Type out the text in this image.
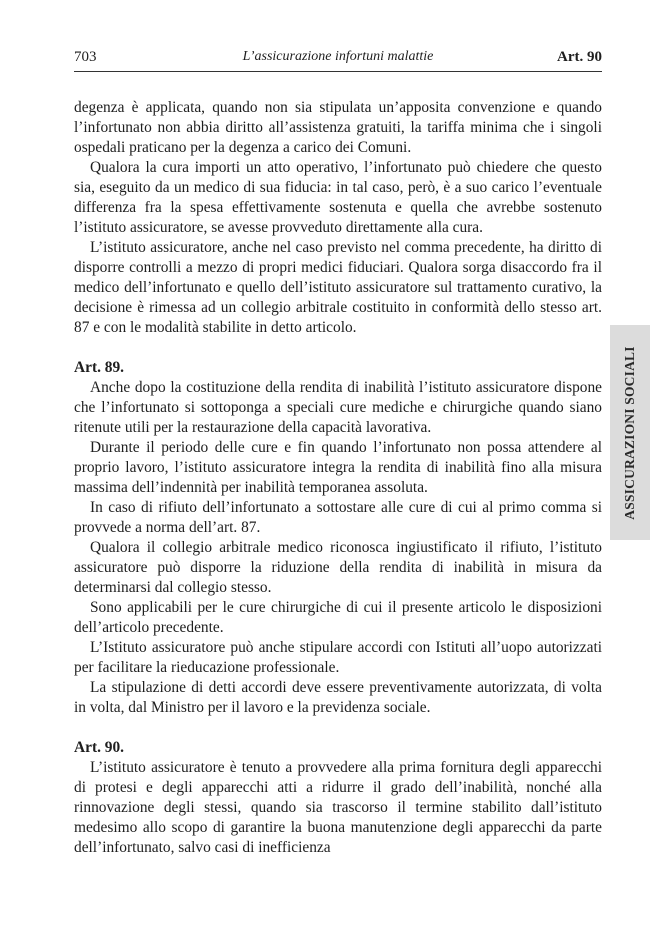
703	L’assicurazione infortuni malattie	Art. 90
ASSICURAZIONI SOCIALI

degenza è applicata, quando non sia stipulata un’apposita convenzione e quando l’infortunato non abbia diritto all’assistenza gratuiti, la tariffa minima che i singoli ospedali praticano per la degenza a carico dei Comuni.

Qualora la cura importi un atto operativo, l’infortunato può chiedere che questo sia, eseguito da un medico di sua fiducia: in tal caso, però, è a suo carico l’eventuale differenza fra la spesa effettivamente sostenuta e quella che avrebbe sostenuto l’istituto assicuratore, se avesse provveduto direttamente alla cura.

L’istituto assicuratore, anche nel caso previsto nel comma precedente, ha diritto di disporre controlli a mezzo di propri medici fiduciari. Qualora sorga disaccordo fra il medico dell’infortunato e quello dell’istituto assicuratore sul trattamento curativo, la decisione è rimessa ad un collegio arbitrale costituito in conformità dello stesso art. 87 e con le modalità stabilite in detto articolo.

Art. 89.

Anche dopo la costituzione della rendita di inabilità l’istituto assicuratore dispone che l’infortunato si sottoponga a speciali cure mediche e chirurgiche quando siano ritenute utili per la restaurazione della capacità lavorativa.

Durante il periodo delle cure e fin quando l’infortunato non possa attendere al proprio lavoro, l’istituto assicuratore integra la rendita di inabilità fino alla misura massima dell’indennità per inabilità temporanea assoluta.

In caso di rifiuto dell’infortunato a sottostare alle cure di cui al primo comma si provvede a norma dell’art. 87.

Qualora il collegio arbitrale medico riconosca ingiustificato il rifiuto, l’istituto assicuratore può disporre la riduzione della rendita di inabilità in misura da determinarsi dal collegio stesso.

Sono applicabili per le cure chirurgiche di cui il presente articolo le disposizioni dell’articolo precedente.

L’Istituto assicuratore può anche stipulare accordi con Istituti all’uopo autorizzati per facilitare la rieducazione professionale.

La stipulazione di detti accordi deve essere preventivamente autorizzata, di volta in volta, dal Ministro per il lavoro e la previdenza sociale.

Art. 90.

L’istituto assicuratore è tenuto a provvedere alla prima fornitura degli apparecchi di protesi e degli apparecchi atti a ridurre il grado dell’inabilità, nonché alla rinnovazione degli stessi, quando sia trascorso il termine stabilito dall’istituto medesimo allo scopo di garantire la buona manutenzione degli apparecchi da parte dell’infortunato, salvo casi di inefficienza
